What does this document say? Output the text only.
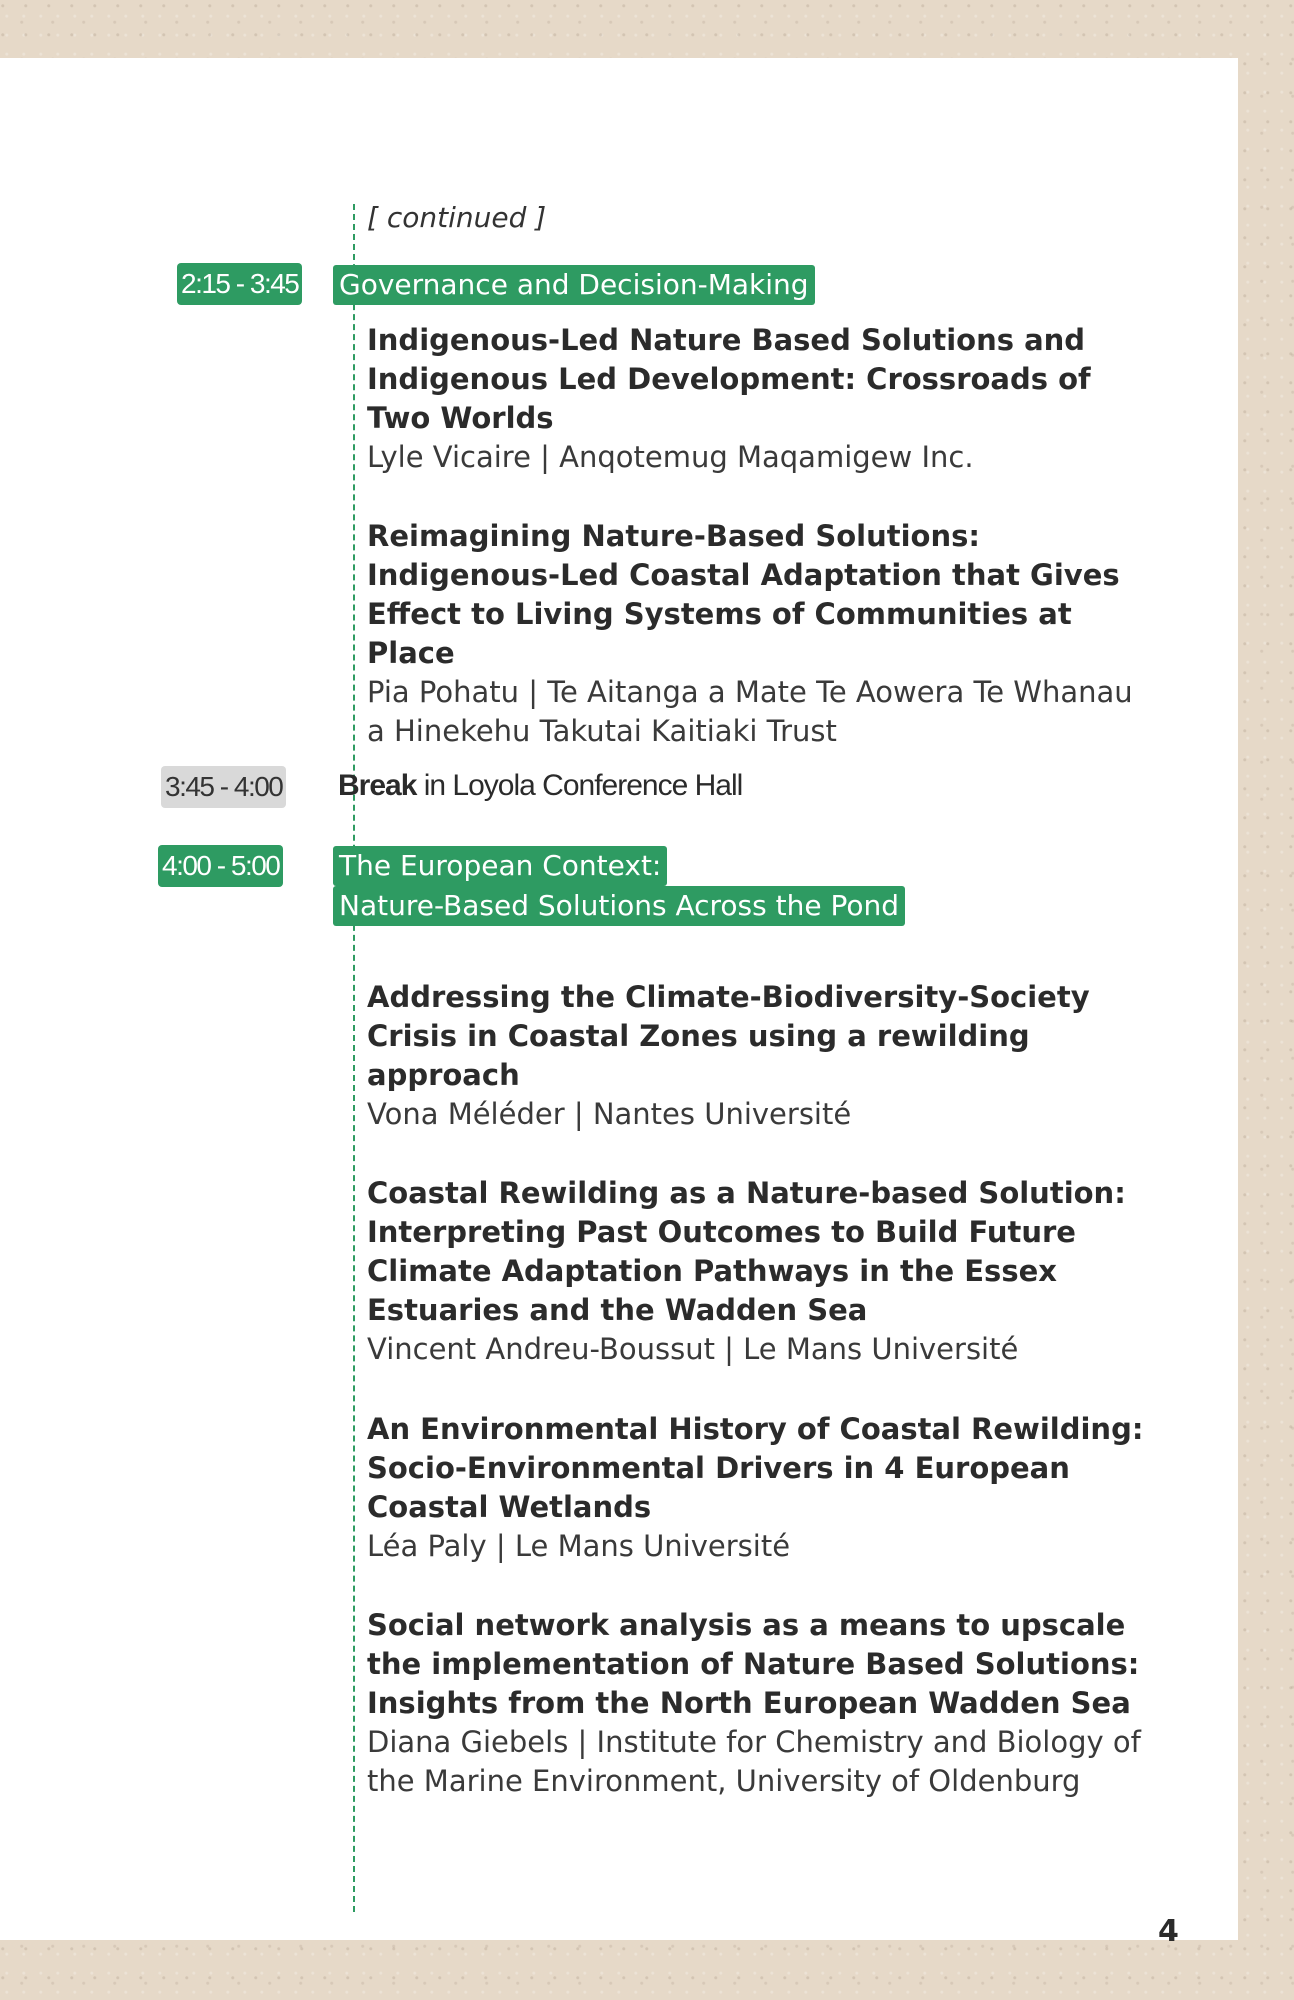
[ continued ]
2:15 - 3:45 Governance and Decision-Making
Indigenous-Led Nature Based Solutions and Indigenous Led Development: Crossroads of Two Worlds
Lyle Vicaire | Anqotemug Maqamigew Inc.
Reimagining Nature-Based Solutions: Indigenous-Led Coastal Adaptation that Gives Effect to Living Systems of Communities at Place
Pia Pohatu | Te Aitanga a Mate Te Aowera Te Whanau a Hinekehu Takutai Kaitiaki Trust
3:45 - 4:00 Break in Loyola Conference Hall
4:00 - 5:00 The European Context:
Nature-Based Solutions Across the Pond
Addressing the Climate-Biodiversity-Society Crisis in Coastal Zones using a rewilding approach
Vona Méléder | Nantes Université
Coastal Rewilding as a Nature-based Solution: Interpreting Past Outcomes to Build Future Climate Adaptation Pathways in the Essex Estuaries and the Wadden Sea
Vincent Andreu-Boussut | Le Mans Université
An Environmental History of Coastal Rewilding: Socio-Environmental Drivers in 4 European Coastal Wetlands
Léa Paly | Le Mans Université
Social network analysis as a means to upscale the implementation of Nature Based Solutions: Insights from the North European Wadden Sea
Diana Giebels | Institute for Chemistry and Biology of the Marine Environment, University of Oldenburg
4
